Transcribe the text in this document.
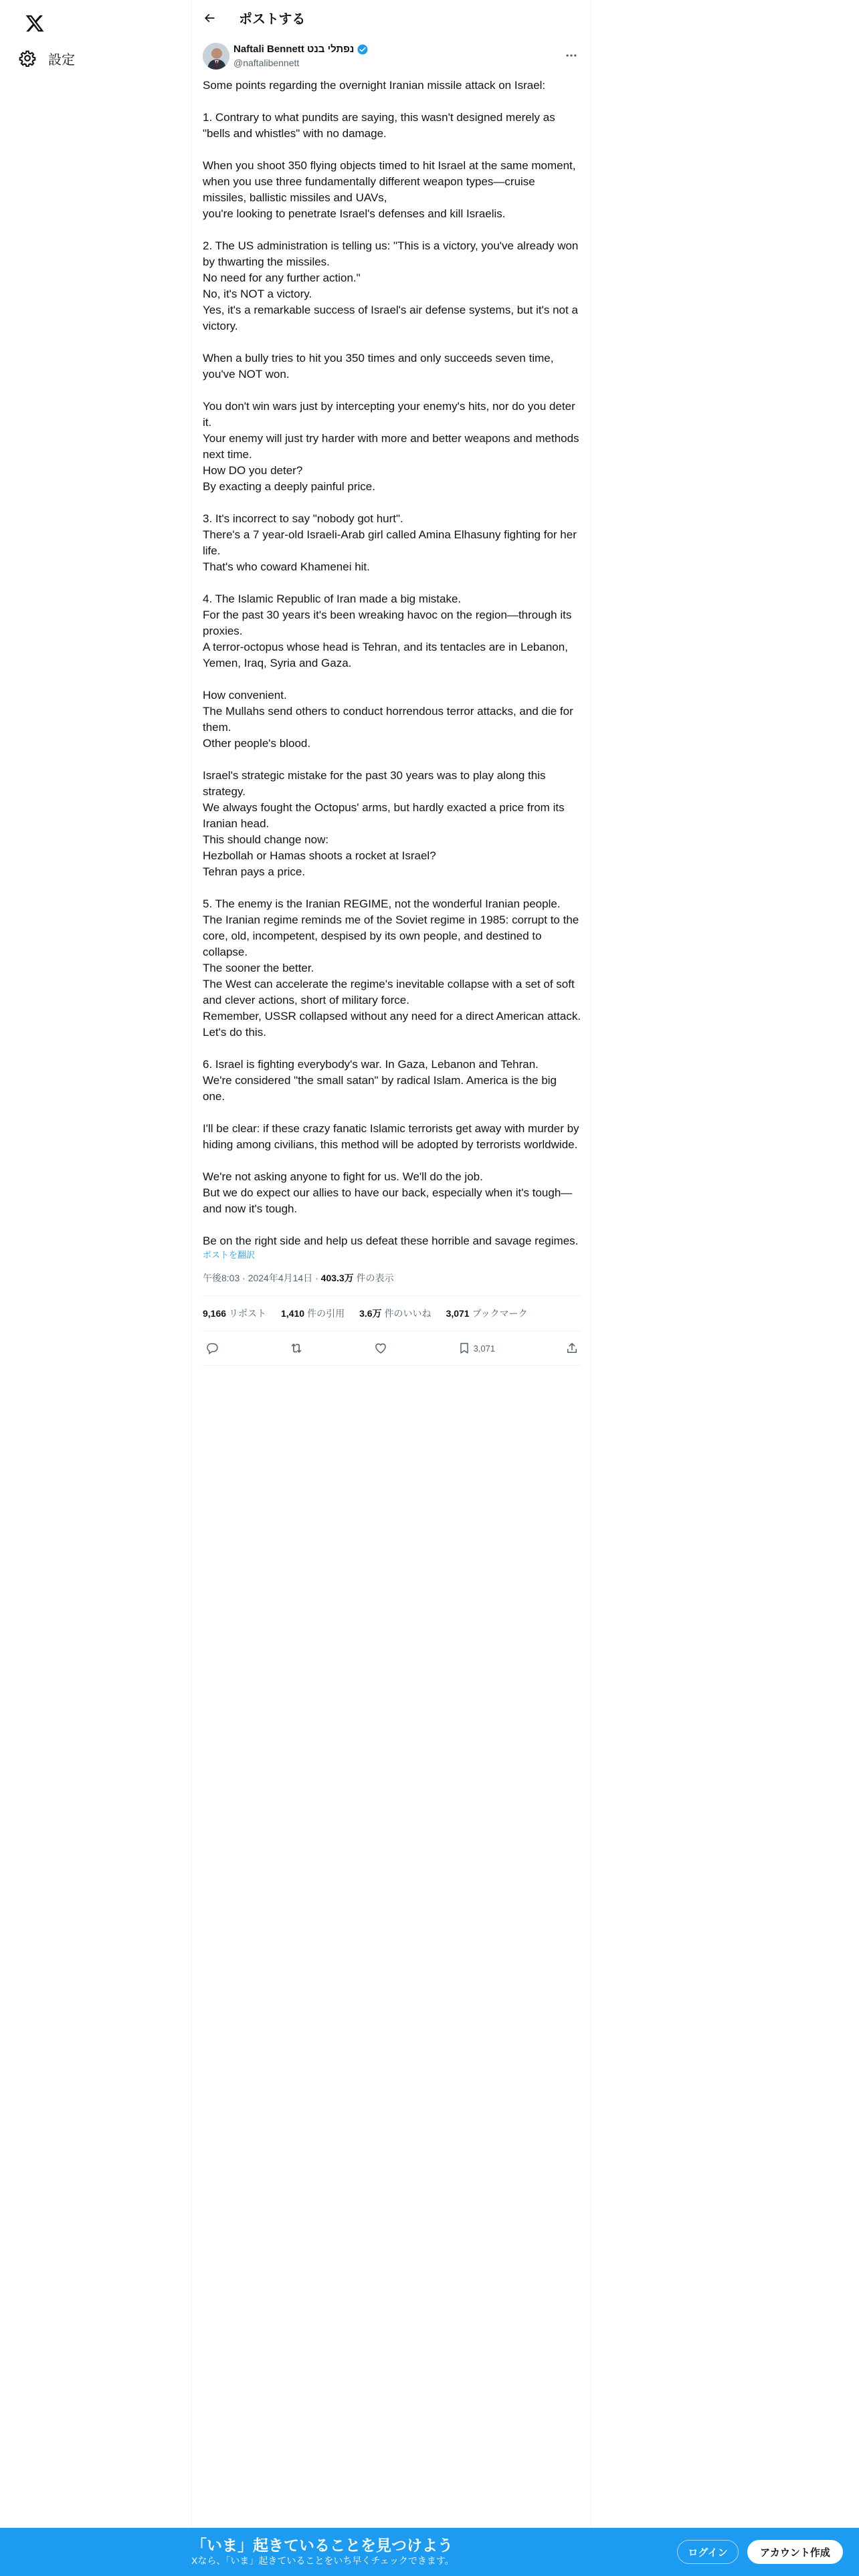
設定
ポストする
Naftali Bennett נפתלי בנט
@naftalibennett
Some points regarding the overnight Iranian missile attack on Israel:

1. Contrary to what pundits are saying, this wasn't designed merely as "bells and whistles" with no damage.

When you shoot 350 flying objects timed to hit Israel at the same moment,
when you use three fundamentally different weapon types—cruise missiles, ballistic missiles and UAVs,
you're looking to penetrate Israel's defenses and kill Israelis.

2. The US administration is telling us: "This is a victory, you've already won by thwarting the missiles.
No need for any further action."
No, it's NOT a victory.
Yes, it's a remarkable success of Israel's air defense systems, but it's not a victory.

When a bully tries to hit you 350 times and only succeeds seven time, you've NOT won.

You don't win wars just by intercepting your enemy's hits, nor do you deter it.
Your enemy will just try harder with more and better weapons and methods next time.
How DO you deter?
By exacting a deeply painful price.

3. It's incorrect to say "nobody got hurt".
There's a 7 year-old Israeli-Arab girl called Amina Elhasuny fighting for her life.
That's who coward Khamenei hit.

4. The Islamic Republic of Iran made a big mistake.
For the past 30 years it's been wreaking havoc on the region—through its proxies.
A terror-octopus whose head is Tehran, and its tentacles are in Lebanon, Yemen, Iraq, Syria and Gaza.

How convenient.
The Mullahs send others to conduct horrendous terror attacks, and die for them.
Other people's blood.

Israel's strategic mistake for the past 30 years was to play along this strategy.
We always fought the Octopus' arms, but hardly exacted a price from its Iranian head.
This should change now:
Hezbollah or Hamas shoots a rocket at Israel?
Tehran pays a price.

5. The enemy is the Iranian REGIME, not the wonderful Iranian people.
The Iranian regime reminds me of the Soviet regime in 1985: corrupt to the core, old, incompetent, despised by its own people, and destined to collapse.
The sooner the better.
The West can accelerate the regime's inevitable collapse with a set of soft and clever actions, short of military force.
Remember, USSR collapsed without any need for a direct American attack.
Let's do this.

6. Israel is fighting everybody's war. In Gaza, Lebanon and Tehran.
We're considered "the small satan" by radical Islam. America is the big one.

I'll be clear: if these crazy fanatic Islamic terrorists get away with murder by hiding among civilians, this method will be adopted by terrorists worldwide.

We're not asking anyone to fight for us. We'll do the job.
But we do expect our allies to have our back, especially when it's tough—and now it's tough.

Be on the right side and help us defeat these horrible and savage regimes.
ポストを翻訳
午後8:03 · 2024年4月14日 · 403.3万 件の表示
9,166 リポスト 1,410 件の引用 3.6万 件のいいね 3,071 ブックマーク
3,071
「いま」起きていることを見つけよう
Xなら、「いま」起きていることをいち早くチェックできます。
ログイン	アカウント作成
